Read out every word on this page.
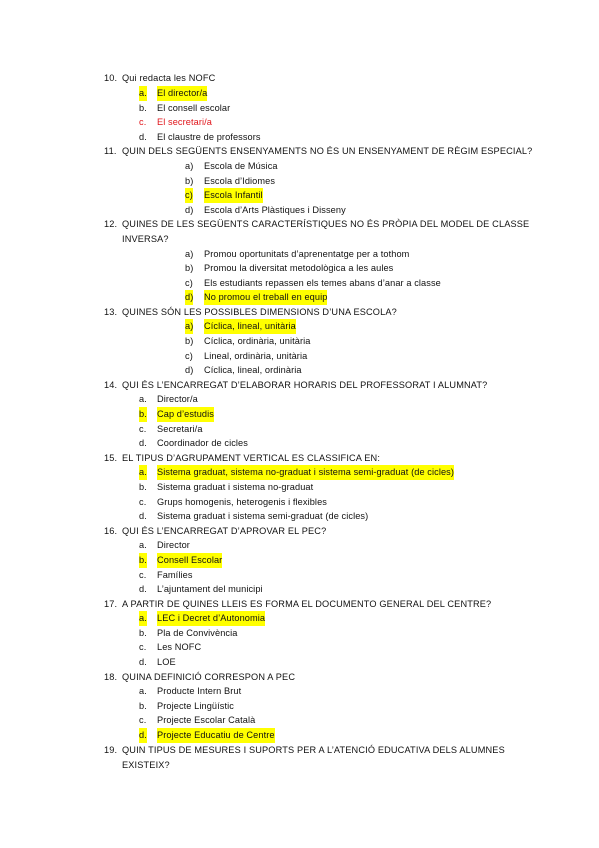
10. Qui redacta les NOFC
a. El director/a
b. El consell escolar
c. El secretari/a
d. El claustre de professors
11. QUIN DELS SEGÜENTS ENSENYAMENTS NO ÉS UN ENSENYAMENT DE RÈGIM ESPECIAL?
a) Escola de Música
b) Escola d’Idiomes
c) Escola Infantil
d) Escola d’Arts Plàstiques i Disseny
12. QUINES DE LES SEGÜENTS CARACTERÍSTIQUES NO ÉS PRÒPIA DEL MODEL DE CLASSE
INVERSA?
a) Promou oportunitats d’aprenentatge per a tothom
b) Promou la diversitat metodològica a les aules
c) Els estudiants repassen els temes abans d’anar a classe
d) No promou el treball en equip
13. QUINES SÓN LES POSSIBLES DIMENSIONS D’UNA ESCOLA?
a) Cíclica, lineal, unitària
b) Cíclica, ordinària, unitària
c) Lineal, ordinària, unitària
d) Cíclica, lineal, ordinària
14. QUI ÉS L’ENCARREGAT D’ELABORAR HORARIS DEL PROFESSORAT I ALUMNAT?
a. Director/a
b. Cap d’estudis
c. Secretari/a
d. Coordinador de cicles
15. EL TIPUS D’AGRUPAMENT VERTICAL ES CLASSIFICA EN:
a. Sistema graduat, sistema no-graduat i sistema semi-graduat (de cicles)
b. Sistema graduat i sistema no-graduat
c. Grups homogenis, heterogenis i flexibles
d. Sistema graduat i sistema semi-graduat (de cicles)
16. QUI ÉS L’ENCARREGAT D’APROVAR EL PEC?
a. Director
b. Consell Escolar
c. Famílies
d. L’ajuntament del municipi
17. A PARTIR DE QUINES LLEIS ES FORMA EL DOCUMENTO GENERAL DEL CENTRE?
a. LEC i Decret d’Autonomia
b. Pla de Convivència
c. Les NOFC
d. LOE
18. QUINA DEFINICIÓ CORRESPON A PEC
a. Producte Intern Brut
b. Projecte Lingüístic
c. Projecte Escolar Català
d. Projecte Educatiu de Centre
19. QUIN TIPUS DE MESURES I SUPORTS PER A L’ATENCIÓ EDUCATIVA DELS ALUMNES
EXISTEIX?
